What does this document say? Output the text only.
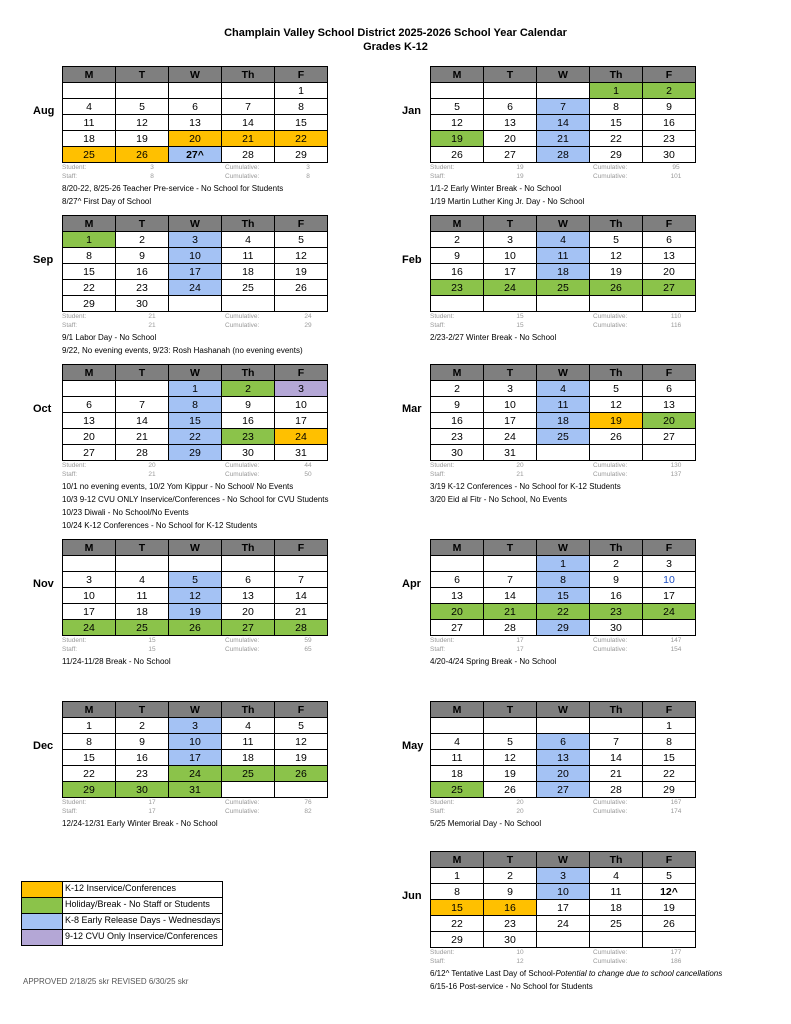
Champlain Valley School District 2025-2026 School Year Calendar
Grades K-12
Aug
M	T	W	Th	F
				1
4	5	6	7	8
11	12	13	14	15
18	19	20	21	22
25	26	27^	28	29
Student:	3	Cumulative:	3
Staff:	8	Cumulative:	8
8/20-22, 8/25-26 Teacher Pre-service - No School for Students
8/27^ First Day of School
Sep
M	T	W	Th	F
1	2	3	4	5
8	9	10	11	12
15	16	17	18	19
22	23	24	25	26
29	30			
Student:	21	Cumulative:	24
Staff:	21	Cumulative:	29
9/1 Labor Day - No School
9/22, No evening events, 9/23: Rosh Hashanah (no evening events)
Oct
M	T	W	Th	F
		1	2	3
6	7	8	9	10
13	14	15	16	17
20	21	22	23	24
27	28	29	30	31
Student:	20	Cumulative:	44
Staff:	21	Cumulative:	50
10/1 no evening events, 10/2 Yom Kippur - No School/ No Events
10/3 9-12 CVU ONLY Inservice/Conferences - No School for CVU Students
10/23 Diwali - No School/No Events
10/24 K-12 Conferences - No School for K-12 Students
Nov
M	T	W	Th	F

3	4	5	6	7
10	11	12	13	14
17	18	19	20	21
24	25	26	27	28
Student:	15	Cumulative:	59
Staff:	15	Cumulative:	65
11/24-11/28 Break - No School
Dec
M	T	W	Th	F
1	2	3	4	5
8	9	10	11	12
15	16	17	18	19
22	23	24	25	26
29	30	31		
Student:	17	Cumulative:	76
Staff:	17	Cumulative:	82
12/24-12/31 Early Winter Break - No School
Jan
M	T	W	Th	F
			1	2
5	6	7	8	9
12	13	14	15	16
19	20	21	22	23
26	27	28	29	30
Student:	19	Cumulative:	95
Staff:	19	Cumulative:	101
1/1-2 Early Winter Break - No School
1/19 Martin Luther King Jr. Day - No School
Feb
M	T	W	Th	F
2	3	4	5	6
9	10	11	12	13
16	17	18	19	20
23	24	25	26	27

Student:	15	Cumulative:	110
Staff:	15	Cumulative:	116
2/23-2/27 Winter Break - No School
Mar
M	T	W	Th	F
2	3	4	5	6
9	10	11	12	13
16	17	18	19	20
23	24	25	26	27
30	31			
Student:	20	Cumulative:	130
Staff:	21	Cumulative:	137
3/19 K-12 Conferences - No School for K-12 Students
3/20 Eid al Fitr - No School, No Events
Apr
M	T	W	Th	F
		1	2	3
6	7	8	9	10
13	14	15	16	17
20	21	22	23	24
27	28	29	30	
Student:	17	Cumulative:	147
Staff:	17	Cumulative:	154
4/20-4/24 Spring Break - No School
May
M	T	W	Th	F
				1
4	5	6	7	8
11	12	13	14	15
18	19	20	21	22
25	26	27	28	29
Student:	20	Cumulative:	167
Staff:	20	Cumulative:	174
5/25 Memorial Day - No School
Jun
M	T	W	Th	F
1	2	3	4	5
8	9	10	11	12^
15	16	17	18	19
22	23	24	25	26
29	30			
Student:	10	Cumulative:	177
Staff:	12	Cumulative:	186
6/12^ Tentative Last Day of School-Potential to change due to school cancellations
6/15-16 Post-service - No School for Students
K-12 Inservice/Conferences
Holiday/Break - No Staff or Students
K-8 Early Release Days - Wednesdays
9-12 CVU Only Inservice/Conferences
APPROVED 2/18/25 skr REVISED 6/30/25 skr
